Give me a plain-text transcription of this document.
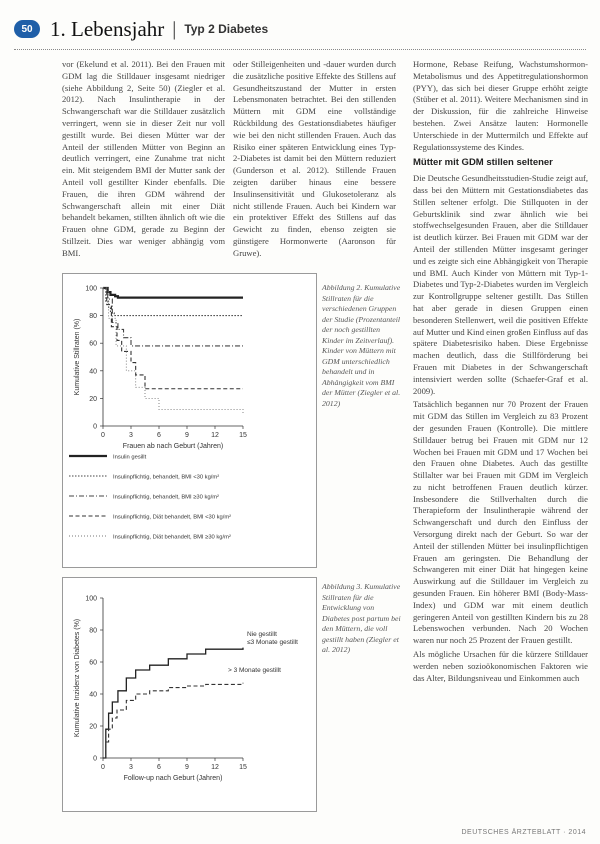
50 1. Lebensjahr | Typ 2 Diabetes

vor (Ekelund et al. 2011). Bei den Frauen mit GDM lag die Stilldauer insgesamt niedriger (siehe Abbildung 2, Seite 50) (Ziegler et al. 2012). Nach Insulintherapie in der Schwangerschaft war die Stilldauer zusätzlich verringert, wenn sie in dieser Zeit nur voll gestillt wurde. Bei diesen Mütter war der Anteil der stillenden Mütter von Beginn an deutlich verringert, eine Zunahme trat nicht ein. Mit steigendem BMI der Mutter sank der Anteil voll gestillter Kinder ebenfalls. Die Frauen, die ihren GDM während der Schwangerschaft allein mit einer Diät behandelt bekamen, stillten ähnlich oft wie die Frauen ohne GDM, gerade zu Beginn der Stillzeit. Dies war weniger abhängig vom BMI.

oder Stilleigenheiten und -dauer wurden durch die zusätzliche positive Effekte des Stillens auf Gesundheitszustand der Mutter in ersten Lebensmonaten betrachtet. Bei den stillenden Müttern mit GDM eine vollständige Rückbildung des Gestationsdiabetes häufiger wie bei den nicht stillenden Frauen. Auch das Risiko einer späteren Entwicklung eines Typ-2-Diabetes ist damit bei den Müttern reduziert (Gunderson et al. 2012). Stillende Frauen zeigten darüber hinaus eine bessere Insulinsensitivität und Glukosetoleranz als nicht stillende Frauen. Auch bei Kindern war ein protektiver Effekt des Stillens auf das Gewicht zu finden, ebenso zeigten sie günstigere Hormonwerte (Aaronson für Gruwe).

Hormone, Rebase Reifung, Wachstumshormon-Metabolismus und des Appetitregulationshormon (PYY), das sich bei dieser Gruppe erhöht zeigte (Stüber et al. 2011). Weitere Mechanismen sind in der Diskussion, für die zahlreiche Hinweise bestehen. Zwei Ansätze lauten: Hormonelle Unterschiede in der Muttermilch und Effekte auf Regulationssysteme des Kindes.

Mütter mit GDM stillen seltener

Die Deutsche Gesundheitsstudien-Studie zeigt auf, dass bei den Müttern mit Gestationsdiabetes das Stillen seltener erfolgt. Die Stillquoten in der Geburtsklinik sind zwar ähnlich wie bei stoffwechselgesunden Frauen, aber die Stilldauer ist deutlich kürzer. Bei Frauen mit GDM war der Anteil der stillenden Mütter insgesamt geringer und es zeigte sich eine Abhängigkeit von Therapie und BMI. Auch Kinder von Müttern mit Typ-1-Diabetes und Typ-2-Diabetes wurden im Vergleich zur Kontrollgruppe seltener gestillt. Das Stillen hat aber gerade in diesen Gruppen einen besonderen Stellenwert, weil die positiven Effekte auf Mutter und Kind einen großen Einfluss auf das spätere Diabetesrisiko haben. Diese Ergebnisse machen deutlich, dass die Stillförderung bei Frauen mit Diabetes in der Schwangerschaft intensiviert werden sollte (Schaefer-Graf et al. 2009).

Tatsächlich begannen nur 70 Prozent der Frauen mit GDM das Stillen im Vergleich zu 83 Prozent der gesunden Frauen (Kontrolle). Die mittlere Stilldauer betrug bei Frauen mit GDM nur 12 Wochen bei Frauen mit GDM und 17 Wochen bei den Frauen ohne Diabetes. Auch das gestillte Stillalter war bei Frauen mit GDM im Vergleich zu nicht betroffenen Frauen deutlich kürzer. Insbesondere die Stillverhalten durch die Therapieform der Insulintherapie während der Schwangerschaft und durch den Einfluss der Versorgung direkt nach der Geburt. So war der Anteil der stillenden Mütter bei insulinpflichtigen Frauen am geringsten. Die Behandlung der Schwangeren mit einer Diät hat hingegen keine Auswirkung auf die Stilldauer im Vergleich zu gesunden Frauen. Ein höherer BMI (Body-Mass-Index) und GDM war mit einem deutlich geringeren Anteil von gestillten Kindern bis zu 28 Lebenswochen verbunden. Nach 20 Wochen waren nur noch 25 Prozent der Frauen gestillt.

Als mögliche Ursachen für die kürzere Stilldauer werden neben sozioökonomischen Faktoren wie das Alter, Bildungsniveau und Einkommen auch

0	3	6	9	12	15
0
20
40
60
80
100
Frauen ab nach Geburt (Jahren)
Kumulative Stillraten (%)
Insulin gesillt
Insulinpflichtig, behandelt, BMI <30 kg/m²
Insulinpflichtig, behandelt, BMI ≥30 kg/m²
Insulinpflichtig, Diät behandelt, BMI <30 kg/m²
Insulinpflichtig, Diät behandelt, BMI ≥30 kg/m²
Abbildung 2. Kumulative Stillraten für die verschiedenen Gruppen der Studie (Prozentanteil der noch gestillten Kinder im Zeitverlauf). Kinder von Müttern mit GDM unterschiedlich behandelt und in Abhängigkeit vom BMI der Mütter (Ziegler et al. 2012)
0	3	6	9	12	15
0
20
40
60
80
100
Follow-up nach Geburt (Jahren)
Kumulative Inzidenz von Diabetes (%)	Nie gestillt
≤3 Monate gestillt
> 3 Monate gestillt
Abbildung 3. Kumulative Stillraten für die Entwicklung von Diabetes post partum bei den Müttern, die voll gestillt haben (Ziegler et al. 2012)
DEUTSCHES ÄRZTEBLATT · 2014
